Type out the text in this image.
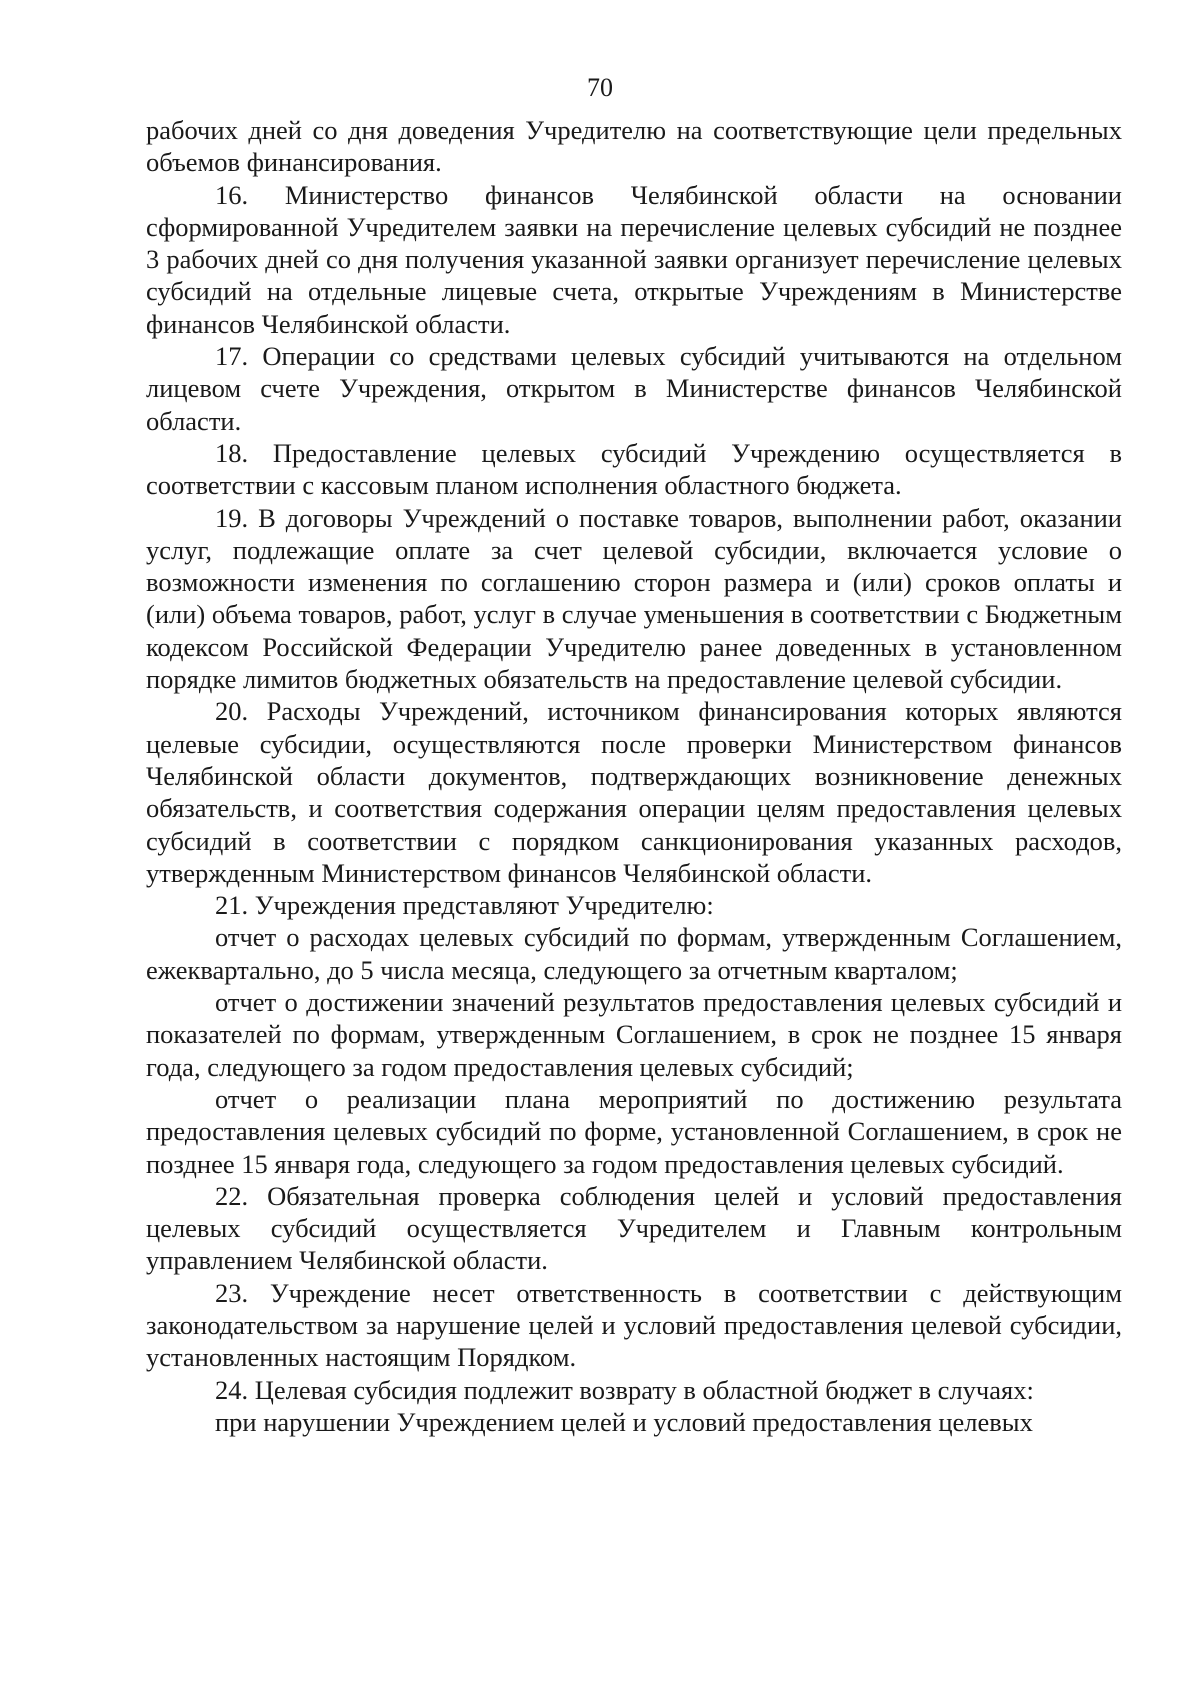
70

рабочих дней со дня доведения Учредителю на соответствующие цели предельных объемов финансирования.

16. Министерство финансов Челябинской области на основании сформированной Учредителем заявки на перечисление целевых субсидий не позднее 3 рабочих дней со дня получения указанной заявки организует перечисление целевых субсидий на отдельные лицевые счета, открытые Учреждениям в Министерстве финансов Челябинской области.

17. Операции со средствами целевых субсидий учитываются на отдельном лицевом счете Учреждения, открытом в Министерстве финансов Челябинской области.

18. Предоставление целевых субсидий Учреждению осуществляется в соответствии с кассовым планом исполнения областного бюджета.

19. В договоры Учреждений о поставке товаров, выполнении работ, оказании услуг, подлежащие оплате за счет целевой субсидии, включается условие о возможности изменения по соглашению сторон размера и (или) сроков оплаты и (или) объема товаров, работ, услуг в случае уменьшения в соответствии с Бюджетным кодексом Российской Федерации Учредителю ранее доведенных в установленном порядке лимитов бюджетных обязательств на предоставление целевой субсидии.

20. Расходы Учреждений, источником финансирования которых являются целевые субсидии, осуществляются после проверки Министерством финансов Челябинской области документов, подтверждающих возникновение денежных обязательств, и соответствия содержания операции целям предоставления целевых субсидий в соответствии с порядком санкционирования указанных расходов, утвержденным Министерством финансов Челябинской области.

21. Учреждения представляют Учредителю:

отчет о расходах целевых субсидий по формам, утвержденным Соглашением, ежеквартально, до 5 числа месяца, следующего за отчетным кварталом;

отчет о достижении значений результатов предоставления целевых субсидий и показателей по формам, утвержденным Соглашением, в срок не позднее 15 января года, следующего за годом предоставления целевых субсидий;

отчет о реализации плана мероприятий по достижению результата предоставления целевых субсидий по форме, установленной Соглашением, в срок не позднее 15 января года, следующего за годом предоставления целевых субсидий.

22. Обязательная проверка соблюдения целей и условий предоставления целевых субсидий осуществляется Учредителем и Главным контрольным управлением Челябинской области.

23. Учреждение несет ответственность в соответствии с действующим законодательством за нарушение целей и условий предоставления целевой субсидии, установленных настоящим Порядком.

24. Целевая субсидия подлежит возврату в областной бюджет в случаях:

при нарушении Учреждением целей и условий предоставления целевых
